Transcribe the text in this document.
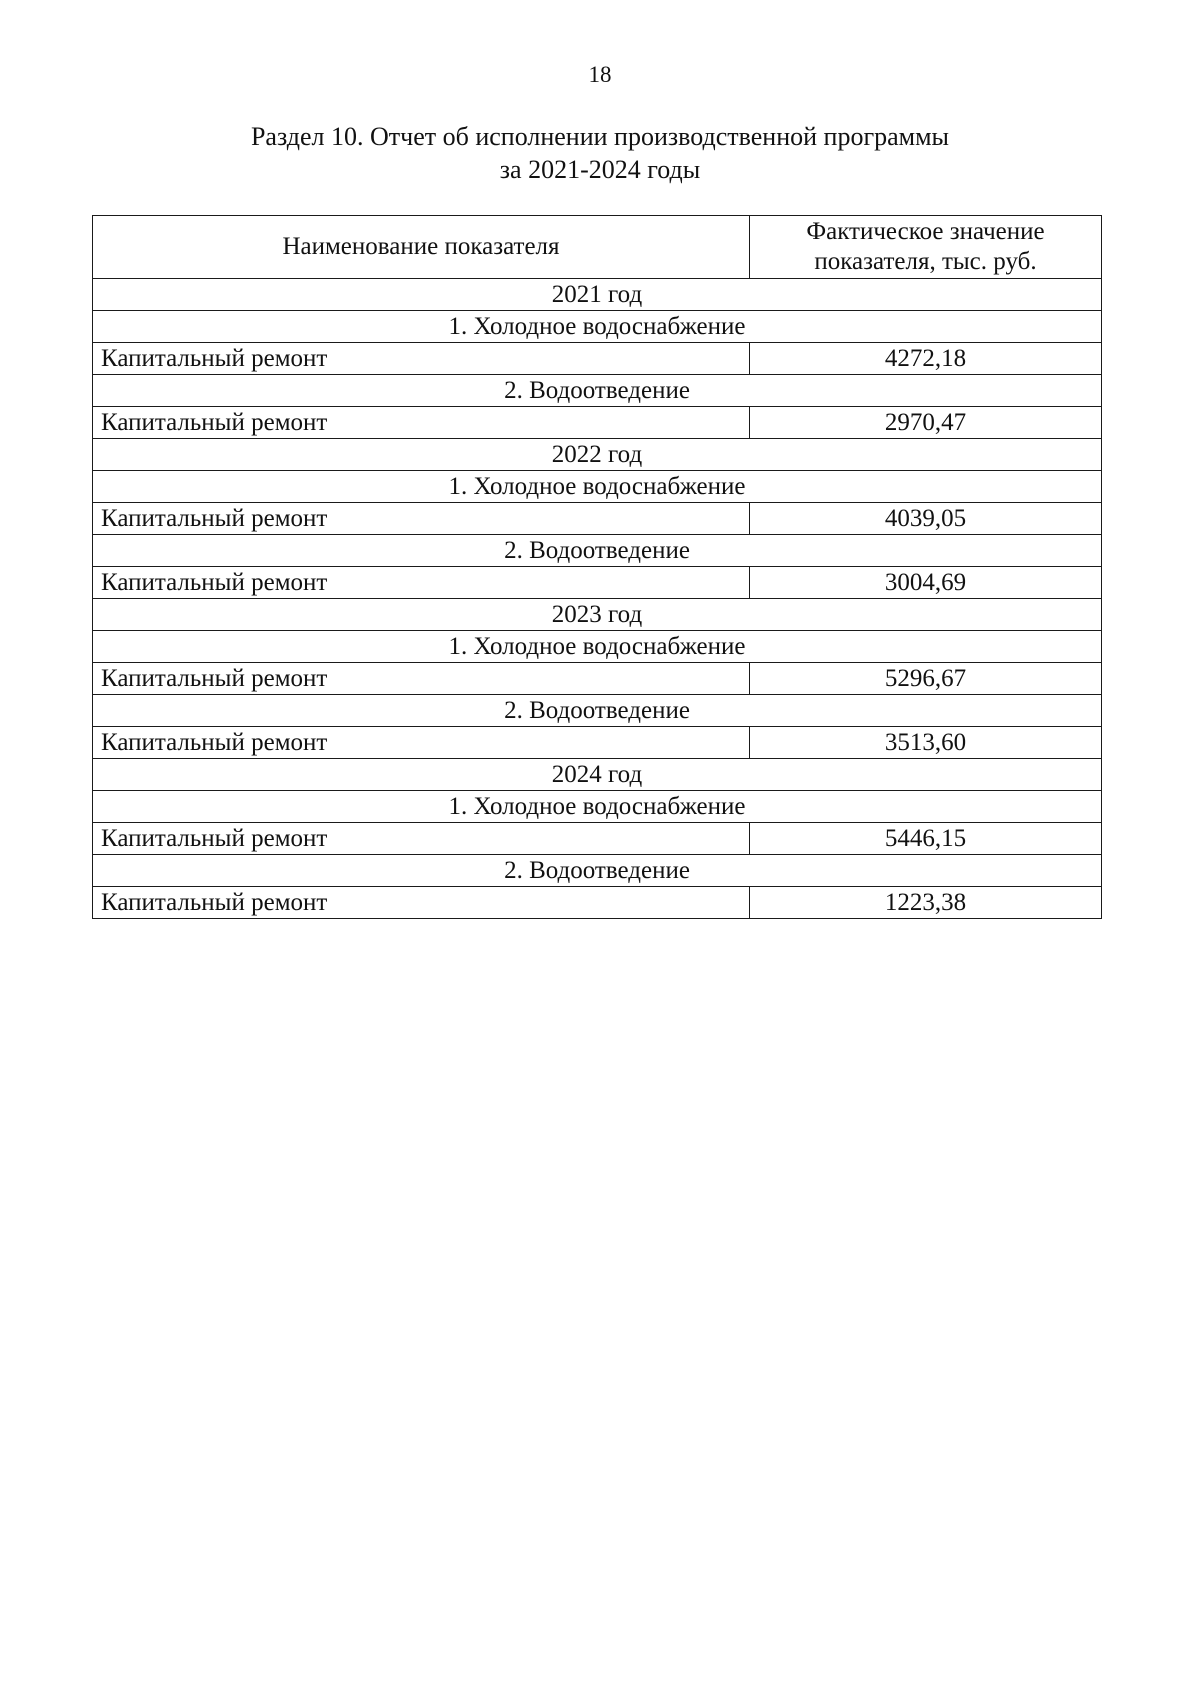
18
Раздел 10. Отчет об исполнении производственной программы
за 2021-2024 годы
Наименование показателя	Фактическое значение показателя, тыс. руб.
2021 год	
1. Холодное водоснабжение	
Капитальный ремонт	4272,18
2. Водоотведение	
Капитальный ремонт	2970,47
2022 год	
1. Холодное водоснабжение	
Капитальный ремонт	4039,05
2. Водоотведение	
Капитальный ремонт	3004,69
2023 год	
1. Холодное водоснабжение	
Капитальный ремонт	5296,67
2. Водоотведение	
Капитальный ремонт	3513,60
2024 год	
1. Холодное водоснабжение	
Капитальный ремонт	5446,15
2. Водоотведение	
Капитальный ремонт	1223,38
